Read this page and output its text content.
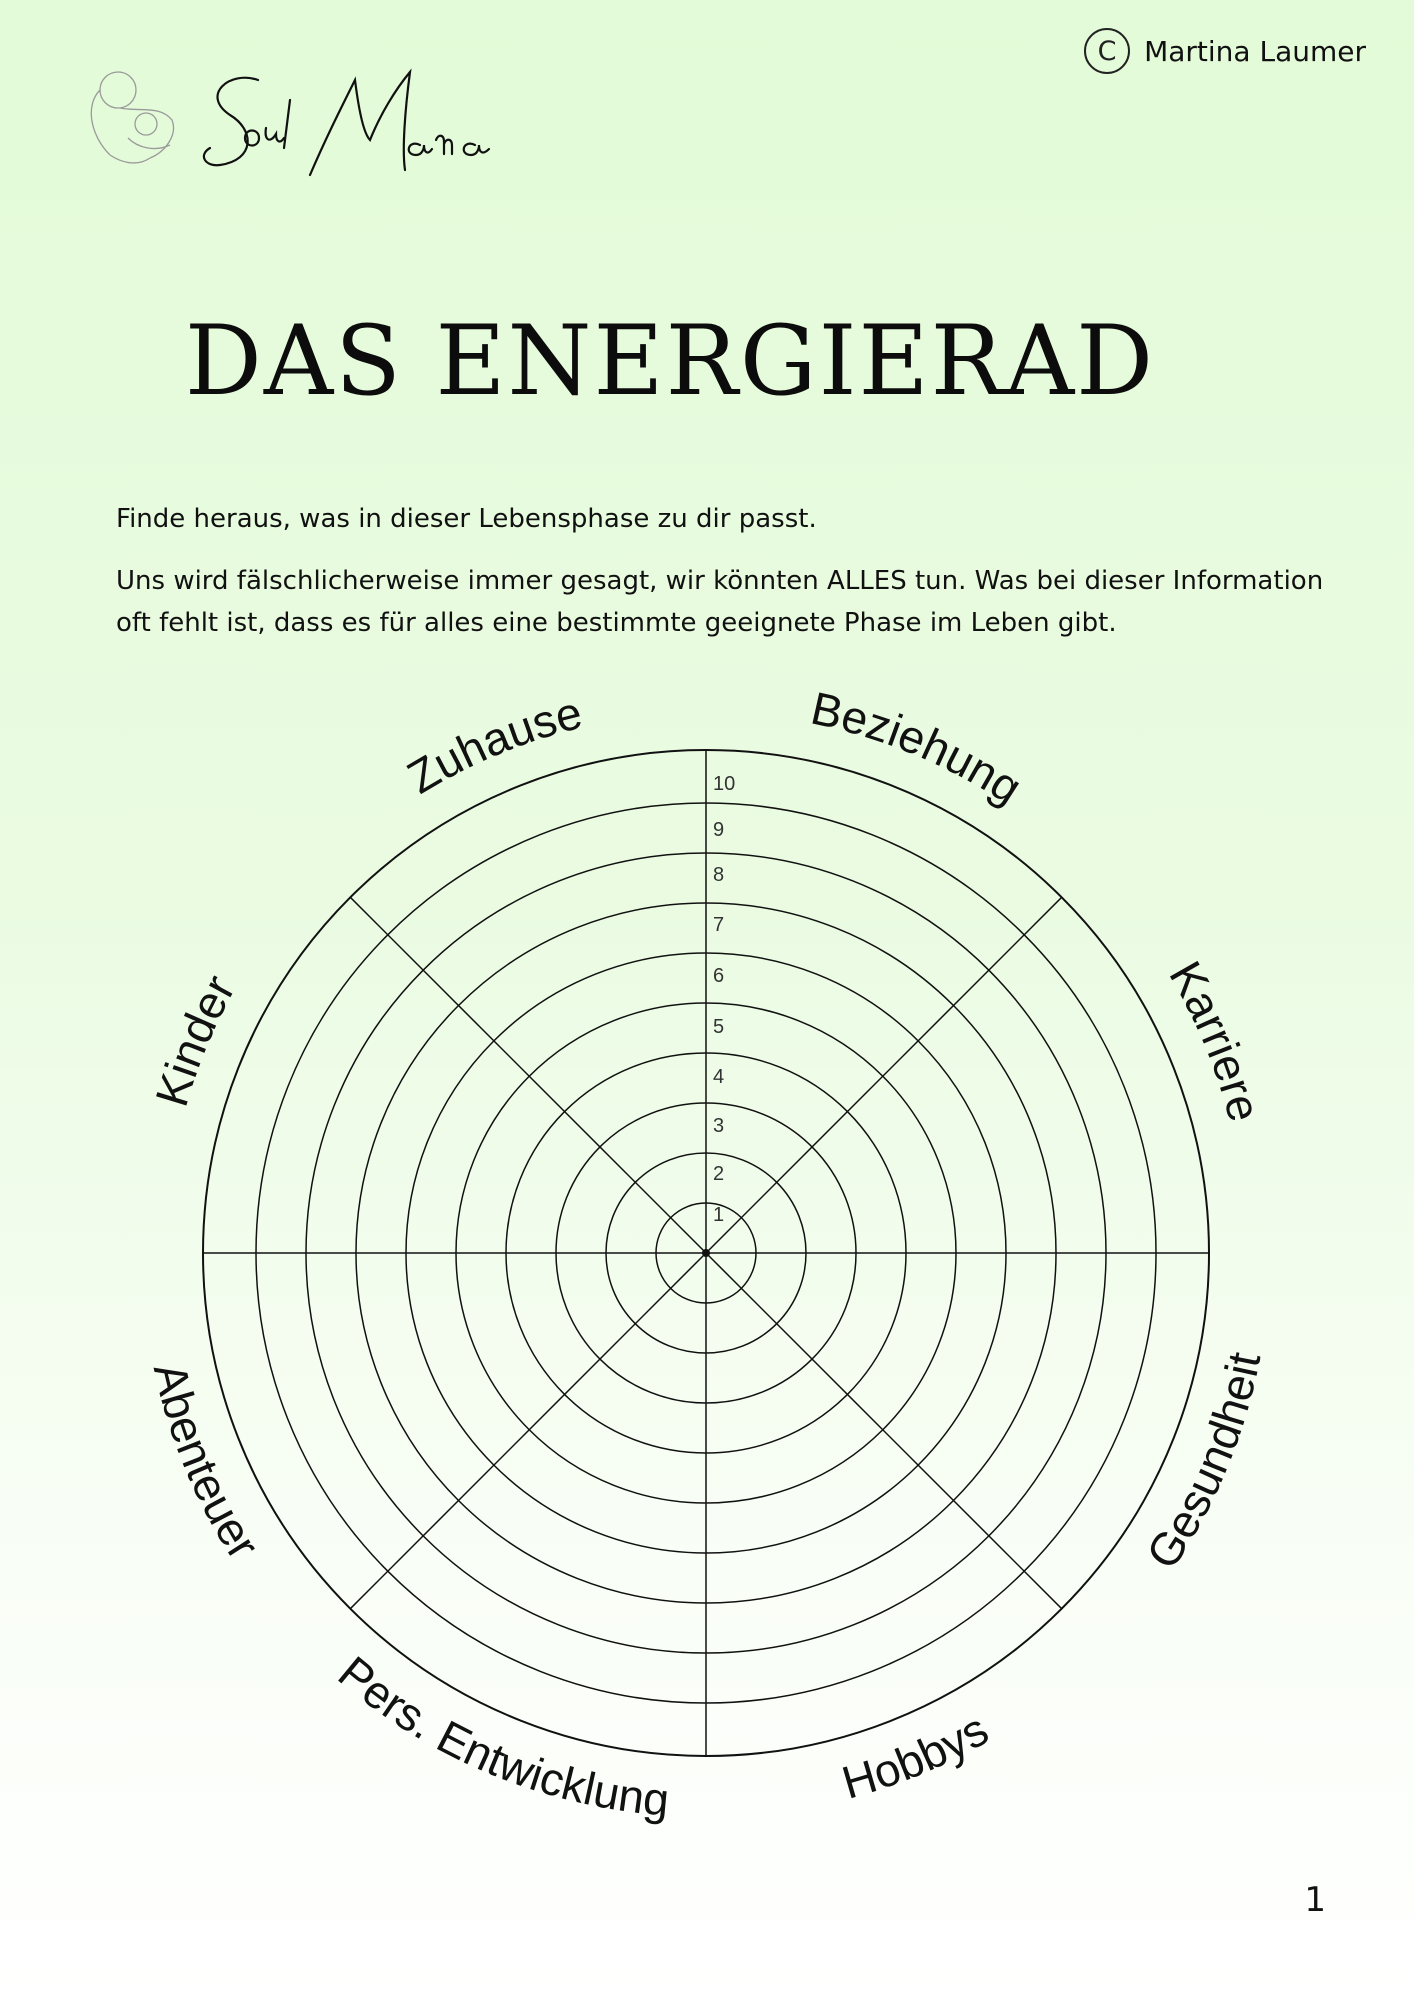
C Martina Laumer
DAS ENERGIERAD

Finde heraus, was in dieser Lebensphase zu dir passt.

Uns wird fälschlicherweise immer gesagt, wir könnten ALLES tun. Was bei dieser Information oft fehlt ist, dass es für alles eine bestimmte geeignete Phase im Leben gibt.

1
2
3
4
5
6
7
8
9
10
Beziehung
Karriere
Gesundheit
Hobbys
Pers. Entwicklung
Abenteuer
Kinder
Zuhause
1
